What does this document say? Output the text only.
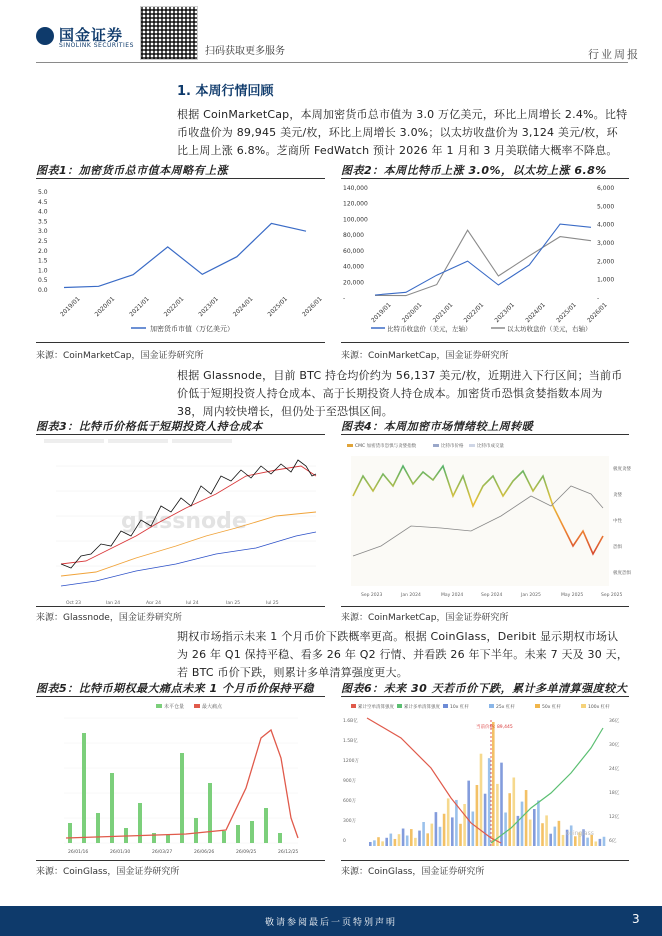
国金证券
SINOLINK SECURITIES
扫码获取更多服务	行业周报
1. 本周行情回顾
根据 CoinMarketCap，本周加密货币总市值为 3.0 万亿美元，环比上周增长 2.4%。比特币收盘价为 89,945 美元/枚，环比上周增长 3.0%；以太坊收盘价为 3,124 美元/枚，环比上周上涨 6.8%。芝商所 FedWatch 预计 2026 年 1 月和 3 月美联储大概率不降息。
图表1：加密货币总市值本周略有上涨
5.0
4.5
4.0
3.5
3.0
2.5
2.0
1.5
1.0
0.5
0.0
2019/01 2020/01 2021/01 2022/01 2023/01 2024/01 2025/01 2026/01
加密货币市值（万亿美元）
来源：CoinMarketCap，国金证券研究所
图表2：本周比特币上涨 3.0%，以太坊上涨 6.8%
140,000
120,000
100,000
80,000
60,000
40,000
20,000
-
6,000
5,000
4,000
3,000
2,000
1,000
-
2019/01 2020/01 2021/01 2022/01 2023/01 2024/01 2025/01 2026/01
比特币收盘价（美元，左轴）	以太坊收盘价（美元，右轴）
来源：CoinMarketCap，国金证券研究所
根据 Glassnode，目前 BTC 持仓均价约为 56,137 美元/枚，近期进入下行区间；当前币价低于短期投资人持仓成本、高于长期投资人持仓成本。加密货币恐惧贪婪指数本周为 38，周内较快增长，但仍处于至恐惧区间。
图表3：比特币价格低于短期投资人持仓成本
glassnode
Oct 23	Jan 24	Apr 24	Jul 24	Jan 25	Jul 25
来源：Glassnode，国金证券研究所
图表4：本周加密市场情绪较上周转暖
CMC 加密货币恐惧与贪婪指数	比特币价格	比特币成交量
极度贪婪
贪婪
中性
恐惧
极度恐惧
Sep 2023	Jan 2024	May 2024	Sep 2024	Jan 2025	May 2025	Sep 2025
来源：CoinMarketCap，国金证券研究所
期权市场指示未来 1 个月币价下跌概率更高。根据 CoinGlass，Deribit 显示期权市场认为 26 年 Q1 保持平稳、看多 26 年 Q2 行情、并看跌 26 年下半年。未来 7 天及 30 天，若 BTC 币价下跌，则累计多单清算强度更大。
图表5：比特币期权最大痛点未来 1 个月币价保持平稳
未平仓量	最大痛点
26/01/16	26/01/30	26/03/27	26/06/26	26/09/25	26/12/25
来源：CoinGlass，国金证券研究所
图表6：未来 30 天若币价下跌，累计多单清算强度较大
累计空单清算强度 累计多单清算强度 10x 杠杆	25x 杠杆	50x 杠杆	100x 杠杆
1.6B亿
1.5B亿
1200万
900万
600万
300万
0
36亿
30亿
24亿
18亿
12亿
6亿
当前价格: 89,445
coinglass
来源：CoinGlass，国金证券研究所
敬请参阅最后一页特别声明	3
